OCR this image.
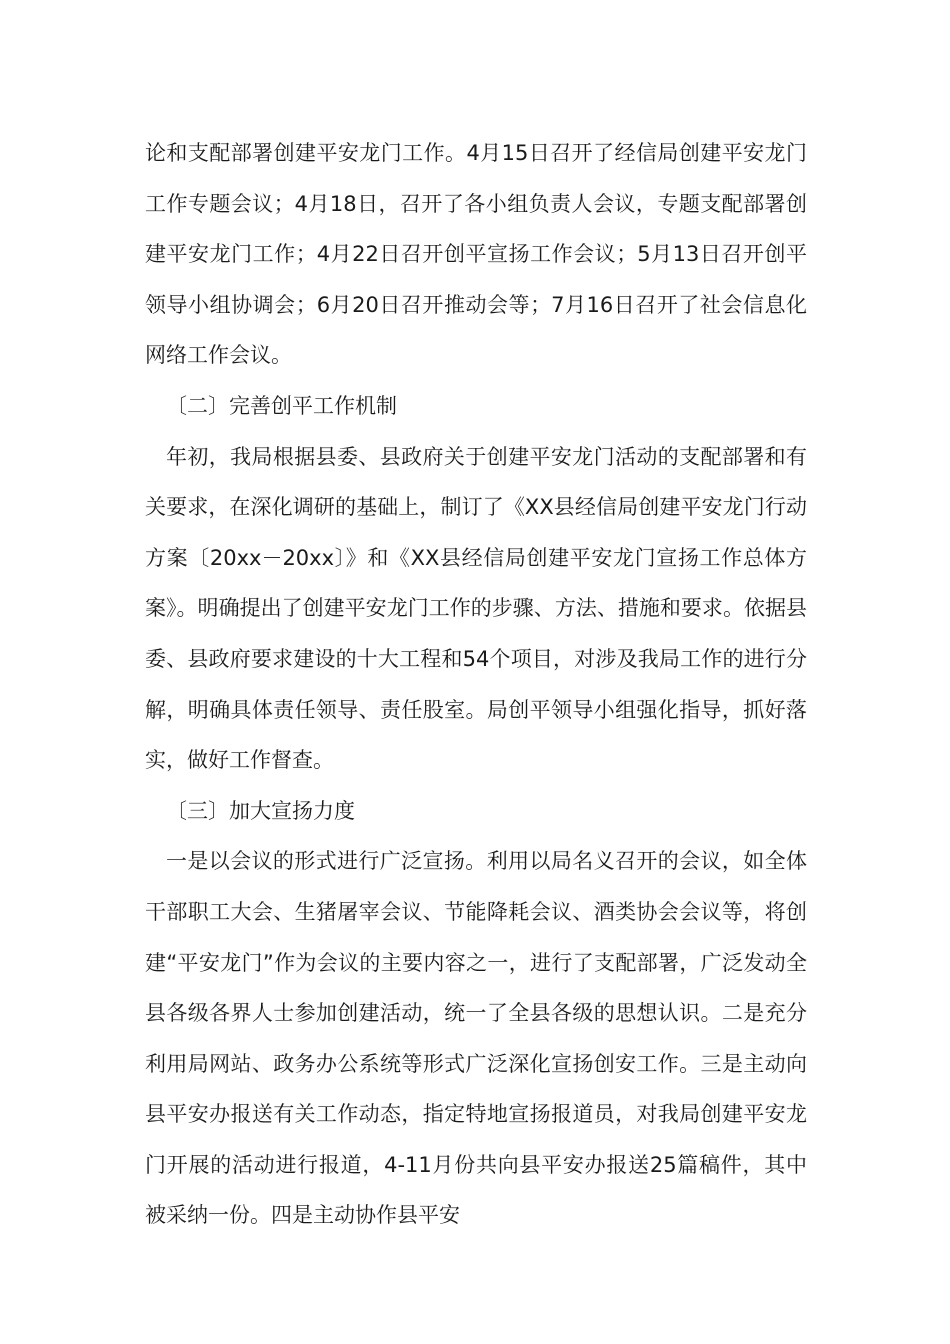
论和支配部署创建平安龙门工作。4月15日召开了经信局创建平安龙门工作专题会议；4月18日，召开了各小组负责人会议，专题支配部署创建平安龙门工作；4月22日召开创平宣扬工作会议；5月13日召开创平领导小组协调会；6月20日召开推动会等；7月16日召开了社会信息化网络工作会议。

〔二〕完善创平工作机制

年初，我局根据县委、县政府关于创建平安龙门活动的支配部署和有关要求，在深化调研的基础上，制订了《XX县经信局创建平安龙门行动方案〔20xx－20xx〕》和《XX县经信局创建平安龙门宣扬工作总体方案》。明确提出了创建平安龙门工作的步骤、方法、措施和要求。依据县委、县政府要求建设的十大工程和54个项目，对涉及我局工作的进行分解，明确具体责任领导、责任股室。局创平领导小组强化指导，抓好落实，做好工作督查。

〔三〕加大宣扬力度

一是以会议的形式进行广泛宣扬。利用以局名义召开的会议，如全体干部职工大会、生猪屠宰会议、节能降耗会议、酒类协会会议等，将创建“平安龙门”作为会议的主要内容之一，进行了支配部署，广泛发动全县各级各界人士参加创建活动，统一了全县各级的思想认识。二是充分利用局网站、政务办公系统等形式广泛深化宣扬创安工作。三是主动向县平安办报送有关工作动态，指定特地宣扬报道员，对我局创建平安龙门开展的活动进行报道，4-11月份共向县平安办报送25篇稿件，其中被采纳一份。四是主动协作县平安
